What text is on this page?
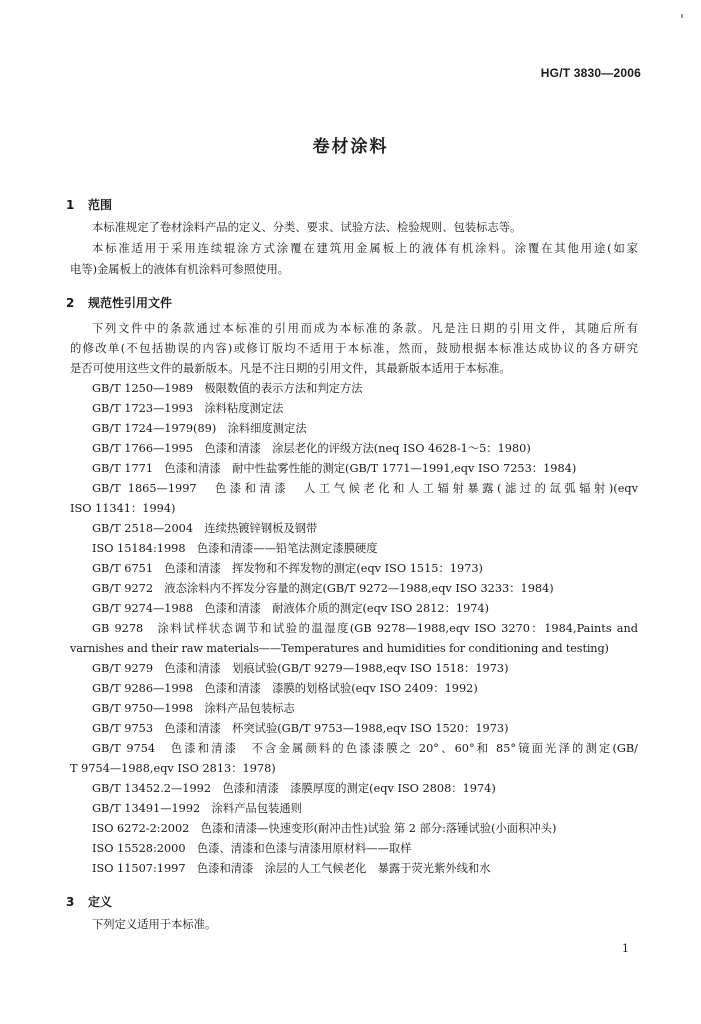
HG/T 3830—2006
卷材涂料
1 范围
本标准规定了卷材涂料产品的定义、分类、要求、试验方法、检验规则、包装标志等。
本标准适用于采用连续辊涂方式涂覆在建筑用金属板上的液体有机涂料。涂覆在其他用途(如家
电等)金属板上的液体有机涂料可参照使用。
2 规范性引用文件
下列文件中的条款通过本标准的引用而成为本标准的条款。凡是注日期的引用文件，其随后所有
的修改单(不包括勘误的内容)或修订版均不适用于本标准，然而，鼓励根据本标准达成协议的各方研究
是否可使用这些文件的最新版本。凡是不注日期的引用文件，其最新版本适用于本标准。
GB/T 1250—1989　极限数值的表示方法和判定方法
GB/T 1723—1993　涂料粘度测定法
GB/T 1724—1979(89)　涂料细度测定法
GB/T 1766—1995　色漆和清漆　涂层老化的评级方法(neq ISO 4628-1～5：1980)
GB/T 1771　色漆和清漆　耐中性盐雾性能的测定(GB/T 1771—1991,eqv ISO 7253：1984)
GB/T 1865—1997　色漆和清漆　人工气候老化和人工辐射暴露(滤过的氙弧辐射)(eqv
ISO 11341：1994)
GB/T 2518—2004　连续热镀锌钢板及钢带
ISO 15184:1998　色漆和清漆——铅笔法测定漆膜硬度
GB/T 6751　色漆和清漆　挥发物和不挥发物的测定(eqv ISO 1515：1973)
GB/T 9272　液态涂料内不挥发分容量的测定(GB/T 9272—1988,eqv ISO 3233：1984)
GB/T 9274—1988　色漆和清漆　耐液体介质的测定(eqv ISO 2812：1974)
GB 9278　涂料试样状态调节和试验的温湿度(GB 9278—1988,eqv ISO 3270：1984,Paints and
varnishes and their raw materials——Temperatures and humidities for conditioning and testing)
GB/T 9279　色漆和清漆　划痕试验(GB/T 9279—1988,eqv ISO 1518：1973)
GB/T 9286—1998　色漆和清漆　漆膜的划格试验(eqv ISO 2409：1992)
GB/T 9750—1998　涂料产品包装标志
GB/T 9753　色漆和清漆　杯突试验(GB/T 9753—1988,eqv ISO 1520：1973)
GB/T 9754　色漆和清漆　不含金属颜料的色漆漆膜之 20°、60°和 85°镜面光泽的测定(GB/
T 9754—1988,eqv ISO 2813：1978)
GB/T 13452.2—1992　色漆和清漆　漆膜厚度的测定(eqv ISO 2808：1974)
GB/T 13491—1992　涂料产品包装通则
ISO 6272-2:2002　色漆和清漆—快速变形(耐冲击性)试验 第 2 部分:落锤试验(小面积冲头)
ISO 15528:2000　色漆、清漆和色漆与清漆用原材料——取样
ISO 11507:1997　色漆和清漆　涂层的人工气候老化　暴露于荧光紫外线和水
3 定义
下列定义适用于本标准。
1
